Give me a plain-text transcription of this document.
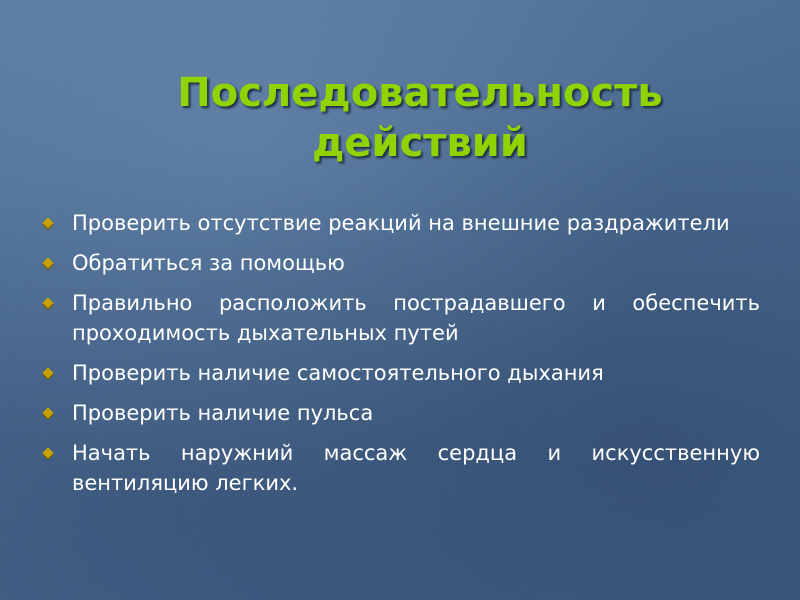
Последовательность действий
Проверить отсутствие реакций на внешние раздражители
Обратиться за помощью
Правильно расположить пострадавшего и обеспечить проходимость дыхательных путей
Проверить наличие самостоятельного дыхания
Проверить наличие пульса
Начать наружний массаж сердца и искусственную вентиляцию легких.
